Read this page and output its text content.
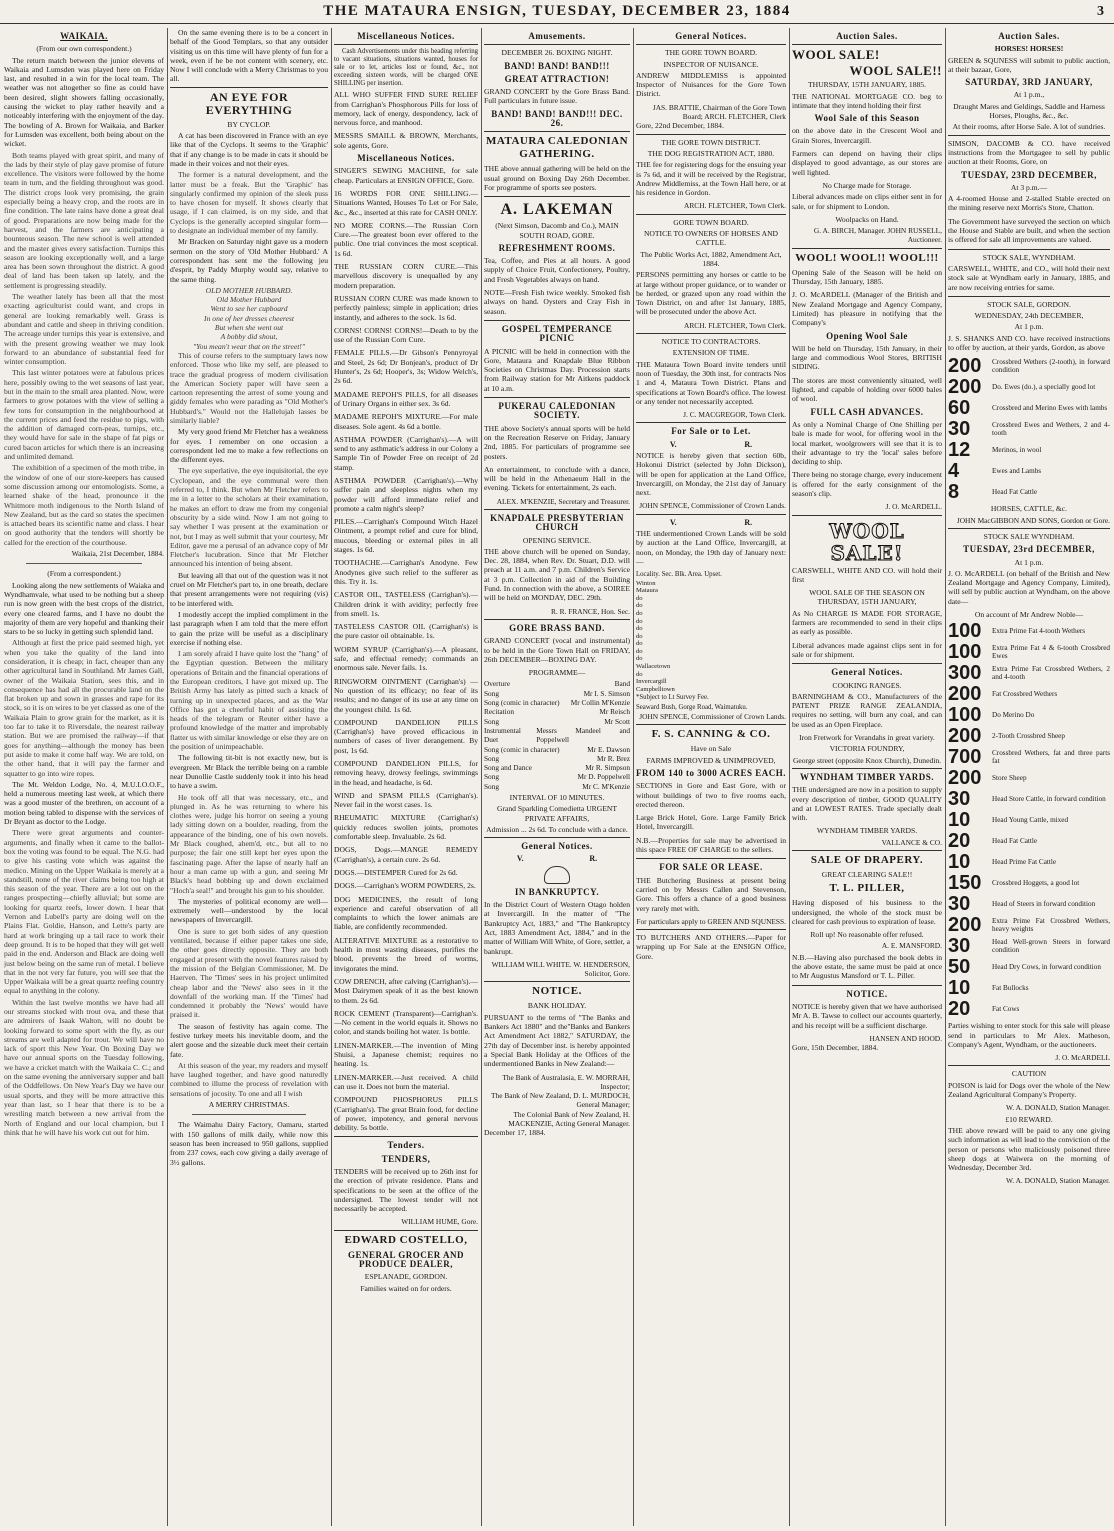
THE MATAURA ENSIGN, TUESDAY, DECEMBER 23, 1884	3
WAIKAIA.
(From our own correspondent.)

The return match between the junior elevens of Waikaia and Lumsden was played here on Friday last, and resulted in a win for the local team. The weather was not altogether so fine as could have been desired, slight showers falling occasionally, causing the wicket to play rather heavily and a noticeably interfering with the enjoyment of the day. The bowling of A. Brown for Waikaia, and Barker for Lumsden was excellent, both being about on the wicket.

Both teams played with great spirit, and many of the lads by their style of play gave promise of future excellence. The visitors were followed by the home team in turn, and the fielding throughout was good. The district crops look very promising, the grain especially being a heavy crop, and the roots are in fine condition. The late rains have done a great deal of good. Preparations are now being made for the harvest, and the farmers are anticipating a bounteous season. The new school is well attended and the master gives every satisfaction. Turnips this season are looking exceptionally well, and a large area has been sown throughout the district. A good deal of land has been taken up lately, and the settlement is progressing steadily.

The weather lately has been all that the most exacting agriculturist could want, and crops in general are looking remarkably well. Grass is abundant and cattle and sheep in thriving condition. The acreage under turnips this year is extensive, and with the present growing weather we may look forward to an abundance of substantial feed for winter consumption.

This last winter potatoes were at fabulous prices here, possibly owing to the wet seasons of last year, but in the main to the small area planted. Now, were farmers to grow potatoes with the view of selling a few tons for consumption in the neighbourhood at the current prices and feed the residue to pigs, with the addition of damaged corn-peas, turnips, etc., they would have for sale in the shape of fat pigs or cured bacon articles for which there is an increasing and unlimited demand.

The exhibition of a specimen of the moth tribe, in the window of one of our store-keepers has caused some discussion among our entomologists. Some, a learned shake of the head, pronounce it the Whitmore moth indigenous to the North Island of New Zealand, but as the card so states the specimen is attached bears its scientific name and class. I hear on good authority that the tenders will shortly be called for the erection of the courthouse.

Waikaia, 21st December, 1884.
(From a correspondent.)

Looking along the new settlements of Waiaka and Wyndhamvale, what used to be nothing but a sheep run is now green with the best crops of the district, every one cleared farms, and I have no doubt the majority of them are very hopeful and thanking their stars to be so lucky in getting such splendid land.

Although at first the price paid seemed high, yet when you take the quality of the land into consideration, it is cheap; in fact, cheaper than any other agricultural land in Southland. Mr James Gall, owner of the Waikaia Station, sees this, and in consequence has had all the procurable land on the flat broken up and sown in grasses and rape for its stock, so it is on wires to be yet classed as one of the Waikaia Plain to grow grain for the market, as it is too far to take it to Riversdale, the nearest railway station. But we are promised the railway—if that goes for anything—although the money has been put aside to make it come half way. We are told, on the other hand, that it will pay the farmer and squatter to go into wire ropes.

The Mt. Weldon Lodge, No. 4, M.U.I.O.O.F., held a numerous meeting last week, at which there was a good muster of the brethren, on account of a motion being tabled to dispense with the services of Dr Bryant as doctor to the Lodge.

There were great arguments and counter-arguments, and finally when it came to the ballot-box the voting was found to be equal. The N.G. had to give his casting vote which was against the medico. Mining on the Upper Waikaia is merely at a standstill, none of the river claims being too high at this season of the year. There are a lot out on the ranges prospecting—chiefly alluvial; but some are looking for quartz reefs, lower down. I hear that Vernon and Lubell's party are doing well on the Plains Flat. Goldie, Hanson, and Lette's party are hard at work bringing up a tail race to work their deep ground. It is to be hoped that they will get well paid in the end. Anderson and Black are doing well just below being on the same run of metal. I believe that in the not very far future, you will see that the Upper Waikaia will be a great quartz reefing country equal to anything in the colony.

Within the last twelve months we have had all our streams stocked with trout ova, and these that are admirers of Isaak Walton, will no doubt be looking forward to some sport with the fly, as our streams are well adapted for trout. We will have no lack of sport this New Year. On Boxing Day we have our annual sports on the Tuesday following, we have a cricket match with the Waikaia C. C.; and on the same evening the anniversary supper and ball of the Oddfellows. On New Year's Day we have our usual sports, and they will be more attractive this year than last, so I hear that there is to be a wrestling match between a new arrival from the North of England and our local champion, but I think that he will have his work cut out for him.

On the same evening there is to be a concert in behalf of the Good Templars, so that any outsider visiting us on this time will have plenty of fun for a week, even if he be not content with scenery, etc. Now I will conclude with a Merry Christmas to you all.

AN EYE FOR EVERYTHING
BY CYCLOP.

A cat has been discovered in France with an eye like that of the Cyclops. It seems to the 'Graphic' that if any change is to be made in cats it should be made in their voices and not their eyes.

The former is a natural development, and the latter must be a freak. But the 'Graphic' has singularly confirmed my opinion of the sleek puss to have chosen for myself. It shows clearly that usage, if I can claimed, is on my side, and that Cyclops is the generally accepted singular form—to designate an individual member of my family.

Mr Bracken on Saturday night gave us a modern sermon on the story of 'Old Mother Hubbard.' A correspondent has sent me the following jeu d'esprit, by Paddy Murphy would say, relative to the same thing.

OLD MOTHER HUBBARD.
Old Mother Hubbard
Went to see her cupboard
In one of her dresses cheerest
But when she went out
A bobby did shout,
"You mean't wear that on the street!"

This of course refers to the sumptuary laws now enforced. Those who like my self, are pleased to trace the gradual progress of modern civilisation the American Society paper will have seen a cartoon representing the arrest of some young and giddy females who were parading as "Old Mother's Hubbard's." Would not the Hallelujah lasses be similarly liable?

My very good friend Mr Fletcher has a weakness for eyes. I remember on one occasion a correspondent led me to make a few reflections on the different eyes.

The eye superlative, the eye inquisitorial, the eye Cyclopean, and the eye communal were then referred to, I think. But when Mr Fletcher refers to me in a letter to the scholars at their examination, he makes an effort to draw me from my congenial obscurity by a side wind. Now I am not going to say whether I was present at the examination or not, but I may as well submit that your courtesy, Mr Editor, gave me a perusal of an advance copy of Mr Fletcher's lucubration. Since that Mr Fletcher announced his intention of being absent.

But leaving all that out of the question was it not cruel on Mr Fletcher's part to, in one breath, declare that present arrangements were not requiring (vis) to be interfered with.

I modestly accept the implied compliment in the last paragraph when I am told that the mere effort to gain the prize will be useful as a disciplinary exercise if nothing else.

I am sorely afraid I have quite lost the "hang" of the Egyptian question. Between the military operations of Britain and the financial operations of the European creditors, I have got mixed up. The British Army has lately as pitted such a knack of turning up in unexpected places, and as the War Office has got a cheerful habit of assisting the heads of the telegram or Reuter either have a profound knowledge of the matter and improbably flatter us with similar knowledge or else they are on the position of unimpeachable.

The following tit-bit is not exactly new, but is evergreen. Mr Black the terrible being on a ramble near Dunollie Castle suddenly took it into his head to have a swim.

He took off all that was necessary, etc., and plunged in. As he was returning to where his clothes were, judge his horror on seeing a young lady sitting down on a boulder, reading, from the appearance of the binding, one of his own novels. Mr Black coughed, ahem'd, etc., but all to no purpose; the fair one still kept her eyes upon the fascinating page. After the lapse of nearly half an hour a man came up with a gun, and seeing Mr Black's head bobbing up and down exclaimed "Hoch'a seal!" and brought his gun to his shoulder.

The mysteries of political economy are well—extremely well—understood by the local newspapers of Invercargill.

One is sure to get both sides of any question ventilated, because if either paper takes one side, the other goes directly opposite. They are both engaged at present with the novel features raised by the mission of the Belgian Commissioner, M. De Haerven. The 'Times' sees in his project unlimited cheap labor and the 'News' also sees in it the downfall of the working man. If the 'Times' had condemned it probably the 'News' would have praised it.

The season of festivity has again come. The festive turkey meets his inevitable doom, and the alert goose and the sizeable duck meet their certain fate.

At this season of the year, my readers and myself have laughed together, and have good naturedly combined to illume the process of revelation with sensations of jocosity. To one and all I wish

A MERRY CHRISTMAS.

The Waimahu Dairy Factory, Oamaru, started with 150 gallons of milk daily, while now this season has been increased to 950 gallons, supplied from 237 cows, each cow giving a daily average of 3½ gallons.

Miscellaneous Notices.

Cash Advertisements under this heading referring to vacant situations, situations wanted, houses for sale or to let, articles lost or found, &c., not exceeding sixteen words, will be charged ONE SHILLING per insertion.

ALL WHO SUFFER FIND SURE RELIEF from Carrighan's Phosphorous Pills for loss of memory, lack of energy, despondency, lack of nervous force, and manhood.
MESSRS SMAILL & BROWN, Merchants, sole agents, Gore.
Miscellaneous Notices.
SINGER'S SEWING MACHINE, for sale cheap. Particulars at ENSIGN OFFICE, Gore.
16 WORDS FOR ONE SHILLING.—Situations Wanted, Houses To Let or For Sale, &c., &c., inserted at this rate for CASH ONLY.
NO MORE CORNS.—The Russian Corn Cure.—The greatest boon ever offered to the public. One trial convinces the most sceptical. 1s 6d.
THE RUSSIAN CORN CURE.—This marvellous discovery is unequalled by any modern preparation.
RUSSIAN CORN CURE was made known to perfectly painless; simple in application; dries instantly, and adheres to the sock. 1s 6d.
CORNS! CORNS! CORNS!—Death to by the use of the Russian Corn Cure.
FEMALE PILLS.—Dr Gibson's Pennyroyal and Steel, 2s 6d; Dr Bonjean's, product of Dr Hunter's, 2s 6d; Hooper's, 3s; Widow Welch's, 2s 6d.
MADAME REPOH'S PILLS, for all diseases of Urinary Organs in either sex. 3s 6d.
MADAME REPOH'S MIXTURE.—For male diseases. Sole agent. 4s 6d a bottle.
ASTHMA POWDER (Carrighan's).—A will send to any asthmatic's address in our Colony a Sample Tin of Powder Free on receipt of 2d stamp.
ASTHMA POWDER (Carrighan's).—Why suffer pain and sleepless nights when my powder will afford immediate relief and promote a calm night's sleep?
PILES.—Carrighan's Compound Witch Hazel Ointment, a prompt relief and cure for blind, mucous, bleeding or external piles in all stages. 1s 6d.
TOOTHACHE.—Carrighan's Anodyne. Few Anodynes give such relief to the sufferer as this. Try it. 1s.
CASTOR OIL, TASTELESS (Carrighan's).—Children drink it with avidity; perfectly free from smell. 1s.
TASTELESS CASTOR OIL (Carrighan's) is the pure castor oil obtainable. 1s.
WORM SYRUP (Carrighan's).—A pleasant, safe, and effectual remedy; commands an enormous sale. Never fails. 1s.
RINGWORM OINTMENT (Carrighan's) —No question of its efficacy; no fear of its results; and no danger of its use at any time on the youngest child. 1s 6d.
COMPOUND DANDELION PILLS (Carrighan's) have proved efficacious in numbers of cases of liver derangement. By post, 1s 6d.
COMPOUND DANDELION PILLS, for removing heavy, drowsy feelings, swimmings in the head, and headache, is 6d.
WIND and SPASM PILLS (Carrighan's). Never fail in the worst cases. 1s.
RHEUMATIC MIXTURE (Carrighan's) quickly reduces swollen joints, promotes comfortable sleep. Invaluable. 2s 6d.
DOGS, Dogs.—MANGE REMEDY (Carrighan's), a certain cure. 2s 6d.
DOGS.—DISTEMPER Cured for 2s 6d.
DOGS.—Carrighan's WORM POWDERS, 2s.
DOG MEDICINES, the result of long experience and careful observation of all complaints to which the lower animals are liable, are confidently recommended.
ALTERATIVE MIXTURE as a restorative to health in most wasting diseases, purifies the blood, prevents the breed of worms, invigorates the mind.
COW DRENCH, after calving (Carrighan's).—Most Dairymen speak of it as the best known to them. 2s 6d.
ROCK CEMENT (Transparent)—Carrighan's.—No cement in the world equals it. Shows no color, and stands boiling hot water. 1s bottle.
LINEN-MARKER.—The invention of Ming Shuisi, a Japanese chemist; requires no heating. 1s.
LINEN-MARKER.—Just received. A child can use it. Does not burn the material.
COMPOUND PHOSPHORUS PILLS (Carrighan's). The great Brain food, for decline of power, impotency, and general nervous debility. 5s bottle.
Tenders.
TENDERS,
TENDERS will be received up to 26th inst for the erection of private residence. Plans and specifications to be seen at the office of the undersigned. The lowest tender will not necessarily be accepted.
WILLIAM HUME, Gore.
EDWARD COSTELLO,
GENERAL GROCER AND PRODUCE DEALER,
ESPLANADE, GORDON.
Families waited on for orders.
Amusements.
DECEMBER 26. BOXING NIGHT.
BAND! BAND! BAND!!!
GREAT ATTRACTION!
GRAND CONCERT by the Gore Brass Band. Full particulars in future issue.
BAND! BAND! BAND!!! DEC. 26.
MATAURA CALEDONIAN GATHERING.
THE above annual gathering will be held on the usual ground on Boxing Day 26th December. For programme of sports see posters.
A. LAKEMAN
(Next Simson, Dacomb and Co.), MAIN SOUTH ROAD, GORE.
REFRESHMENT ROOMS.
Tea, Coffee, and Pies at all hours. A good supply of Choice Fruit, Confectionery, Poultry, and Fresh Vegetables always on hand.
NOTE—Fresh Fish twice weekly. Smoked fish always on hand. Oysters and Cray Fish in season.
GOSPEL TEMPERANCE PICNIC
A PICNIC will be held in connection with the Gore, Mataura and Knapdale Blue Ribbon Societies on Christmas Day. Procession starts from Railway station for Mr Aitkens paddock at 10 a.m.
PUKERAU CALEDONIAN SOCIETY.
THE above Society's annual sports will be held on the Recreation Reserve on Friday, January 2nd, 1885. For particulars of programme see posters.
An entertainment, to conclude with a dance, will be held in the Athenaeum Hall in the evening. Tickets for entertainment, 2s each.
ALEX. M'KENZIE, Secretary and Treasurer.
KNAPDALE PRESBYTERIAN CHURCH
OPENING SERVICE.
THE above church will be opened on Sunday, Dec. 28, 1884, when Rev. Dr. Stuart, D.D. will preach at 11 a.m. and 7 p.m. Children's Service at 3 p.m. Collection in aid of the Building Fund. In connection with the above, a SOIREE will be held on MONDAY, DEC. 29th.
R. R. FRANCE, Hon. Sec.
GORE BRASS BAND.
GRAND CONCERT (vocal and instrumental) to be held in the Gore Town Hall on FRIDAY, 26th DECEMBER—BOXING DAY.
PROGRAMME—
Overture	Band
Song	Mr I. S. Simson
Song (comic in character) Mr Collin M'Kenzie
Recitation	Mr Reisch
Song	Mr Scott
Instrumental Duet
Messrs Mandeel and Poppelwell
Song (comic in character)	Mr E. Dawson
Song	Mr R. Brez
Song and Dance	Mr R. Simpson
Song	Mr D. Poppelwell
Song	Mr C. M'Kenzie
INTERVAL OF 10 MINUTES.
Grand Sparkling Comedietta URGENT PRIVATE AFFAIRS,
Admission ... 2s 6d. To conclude with a dance.
General Notices.
V.	R.
IN BANKRUPTCY.
In the District Court of Western Otago holden at Invercargill. In the matter of "The Bankruptcy Act, 1883," and "The Bankruptcy Act, 1883 Amendment Act, 1884," and in the matter of William Will White, of Gore, settler, a bankrupt.
WILLIAM WILL WHITE. W. HENDERSON, Solicitor, Gore.
NOTICE.
BANK HOLIDAY.
PURSUANT to the terms of "The Banks and Bankers Act 1880" and the"Banks and Bankers Act Amendment Act 1882," SATURDAY, the 27th day of December inst. is hereby appointed a Special Bank Holiday at the Offices of the undermentioned Banks in New Zealand:—
The Bank of Australasia, E. W. MORRAH, Inspector;
The Bank of New Zealand, D. L. MURDOCH, General Manager;
The Colonial Bank of New Zealand, H. MACKENZIE, Acting General Manager.
December 17, 1884.
General Notices.
THE GORE TOWN BOARD.
INSPECTOR OF NUISANCE.
ANDREW MIDDLEMISS is appointed Inspector of Nuisances for the Gore Town District.
JAS. BRATTIE, Chairman of the Gore Town Board; ARCH. FLETCHER, Clerk
Gore, 22nd December, 1884.
THE GORE TOWN DISTRICT.
THE DOG REGISTRATION ACT, 1880.
THE fee for registering dogs for the ensuing year is 7s 6d, and it will be received by the Registrar, Andrew Middlemiss, at the Town Hall here, or at his residence in Gordon.
ARCH. FLETCHER, Town Clerk.
GORE TOWN BOARD.
NOTICE TO OWNERS OF HORSES AND CATTLE.
The Public Works Act, 1882, Amendment Act, 1884.
PERSONS permitting any horses or cattle to be at large without proper guidance, or to wander or be herded, or grazed upon any road within the Town District, on and after 1st January, 1885, will be prosecuted under the above Act.
ARCH. FLETCHER, Town Clerk.
NOTICE TO CONTRACTORS.
EXTENSION OF TIME.
THE Mataura Town Board invite tenders until noon of Tuesday, the 30th inst, for contracts Nos 1 and 4, Mataura Town District. Plans and specifications at Town Board's office. The lowest or any tender not necessarily accepted.
J. C. MACGREGOR, Town Clerk.
For Sale or to Let.
V.	R.
NOTICE is hereby given that section 60b, Hokonui District (selected by John Dickson), will be open for application at the Land Office, Invercargill, on Monday, the 21st day of January next.
JOHN SPENCE, Commissioner of Crown Lands.
V.	R.
THE undermentioned Crown Lands will be sold by auction at the Land Office, Invercargill, at noon, on Monday, the 19th day of January next:—
Locality. Sec. Blk. Area. Upset.
Winton
Mataura
do
do
do
do
do
do
do
do
do
Wallacetown
do
Invercargill
Campbelltown
*Subject to Lt Survey Fee.
Seaward Bush, Gorge Road, Waimatuku.
JOHN SPENCE, Commissioner of Crown Lands.
F. S. CANNING & CO.
Have on Sale
FARMS IMPROVED & UNIMPROVED,
FROM 140 to 3000 ACRES EACH.
SECTIONS in Gore and East Gore, with or without buildings of two to five rooms each, erected thereon.
Large Brick Hotel, Gore. Large Family Brick Hotel, Invercargill.
N.B.—Properties for sale may be advertised in this space FREE OF CHARGE to the sellers.
FOR SALE OR LEASE.
THE Butchering Business at present being carried on by Messrs Callen and Stevenson, Gore. This offers a chance of a good business very rarely met with.
For particulars apply to GREEN AND SQUNESS.
TO BUTCHERS AND OTHERS.—Paper for wrapping up For Sale at the ENSIGN Office, Gore.
Auction Sales.
WOOL SALE!
WOOL SALE!!
THURSDAY, 15TH JANUARY, 1885.
THE NATIONAL MORTGAGE CO. beg to intimate that they intend holding their first
Wool Sale of this Season
on the above date in the Crescent Wool and Grain Stores, Invercargill.
Farmers can depend on having their clips displayed to good advantage, as our stores are well lighted.
No Charge made for Storage.
Liberal advances made on clips either sent in for sale, or for shipment to London.
Woolpacks on Hand.
G. A. BIRCH, Manager. JOHN RUSSELL, Auctioneer.
WOOL! WOOL!! WOOL!!!
Opening Sale of the Season will be held on Thursday, 15th January, 1885.
J. O. McARDELL (Manager of the British and New Zealand Mortgage and Agency Company, Limited) has pleasure in notifying that the Company's
Opening Wool Sale
Will be held on Thursday, 15th January, in their large and commodious Wool Stores, BRITISH SIDING.
The stores are most conveniently situated, well lighted, and capable of holding over 6000 bales of wool.
FULL CASH ADVANCES.
As only a Nominal Charge of One Shilling per bale is made for wool, for offering wool in the local market, woolgrowers will see that it is to their advantage to try the 'local' sales before deciding to ship.
There being no storage charge, every inducement is offered for the early consignment of the season's clip.
J. O. McARDELL.
WOOL SALE!
CARSWELL, WHITE AND CO. will hold their first
WOOL SALE OF THE SEASON ON THURSDAY, 15TH JANUARY,
As No CHARGE IS MADE FOR STORAGE, farmers are recommended to send in their clips as early as possible.
Liberal advances made against clips sent in for sale or for shipment.
General Notices.
COOKING RANGES.
BARNINGHAM & CO., Manufacturers of the PATENT PRIZE RANGE ZEALANDIA, requires no setting, will burn any coal, and can be used as an Open Fireplace.
Iron Fretwork for Verandahs in great variety.
VICTORIA FOUNDRY,
George street (opposite Knox Church), Dunedin.
WYNDHAM TIMBER YARDS.
THE undersigned are now in a position to supply every description of timber, GOOD QUALITY and at LOWEST RATES. Trade specially dealt with.
WYNDHAM TIMBER YARDS.
VALLANCE & CO.
SALE OF DRAPERY.
GREAT CLEARING SALE!!
T. L. PILLER,
Having disposed of his business to the undersigned, the whole of the stock must be cleared for cash previous to expiration of lease.
Roll up! No reasonable offer refused.
A. E. MANSFORD.
N.B.—Having also purchased the book debts in the above estate, the same must be paid at once to Mr Augustus Mansford or T. L. Piller.
NOTICE.
NOTICE is hereby given that we have authorised Mr A. B. Tawse to collect our accounts quarterly, and his receipt will be a sufficient discharge.
HANSEN AND HOOD.
Gore, 15th December, 1884.
Auction Sales.
HORSES! HORSES!
GREEN & SQUNESS will submit to public auction, at their bazaar, Gore,
SATURDAY, 3RD JANUARY,
At 1 p.m.,
Draught Mares and Geldings, Saddle and Harness Horses, Ploughs, &c., &c.
At their rooms, after Horse Sale. A lot of sundries.
SIMSON, DACOMB & CO. have received instructions from the Mortgagee to sell by public auction at their Rooms, Gore, on
TUESDAY, 23RD DECEMBER,
At 3 p.m.—
A 4-roomed House and 2-stalled Stable erected on the mining reserve next Morris's Store, Chatton.
The Government have surveyed the section on which the House and Stable are built, and when the section is offered for sale all improvements are valued.
STOCK SALE, WYNDHAM.
CARSWELL, WHITE, and CO., will hold their next stock sale at Wyndham early in January, 1885, and are now receiving entries for same.
STOCK SALE, GORDON.
WEDNESDAY, 24th DECEMBER,
At 1 p.m.
J. S. SHANKS AND CO. have received instructions to offer by auction, at their yards, Gordon, as above
200	Crossbred Wethers (2-tooth), in forward condition
200	Do. Ewes (do.), a specially good lot
60	Crossbred and Merino Ewes with lambs
30	Crossbred Ewes and Wethers, 2 and 4-tooth
12	Merinos, in wool
4	Ewes and Lambs
8	Head Fat Cattle
HORSES, CATTLE, &c.
JOHN MacGIBBON AND SONS, Gordon or Gore.
STOCK SALE WYNDHAM.
TUESDAY, 23rd DECEMBER,
At 1 p.m.
J. O. McARDELL (on behalf of the British and New Zealand Mortgage and Agency Company, Limited), will sell by public auction at Wyndham, on the above date—
On account of Mr Andrew Noble—
100	Extra Prime Fat 4-tooth Wethers
100	Extra Prime Fat 4 & 6-tooth Crossbred Ewes
300	Extra Prime Fat Crossbred Wethers, 2 and 4-tooth
200	Fat Crossbred Wethers
100	Do Merino Do
200	2-Tooth Crossbred Sheep
700	Crossbred Wethers, fat and three parts fat
200	Store Sheep
30	Head Store Cattle, in forward condition
10	Head Young Cattle, mixed
20	Head Fat Cattle
10	Head Prime Fat Cattle
150	Crossbred Hoggets, a good lot
30	Head of Steers in forward condition
200	Extra Prime Fat Crossbred Wethers, heavy weights
30	Head Well-grown Steers in forward condition
50	Head Dry Cows, in forward condition
10	Fat Bullocks
20	Fat Cows
Parties wishing to enter stock for this sale will please send in particulars to Mr Alex. Matheson, Company's Agent, Wyndham, or the auctioneers.
J. O. McARDELL
CAUTION
POISON is laid for Dogs over the whole of the New Zealand Agricultural Company's Property.
W. A. DONALD, Station Manager.
£10 REWARD.
THE above reward will be paid to any one giving such information as will lead to the conviction of the person or persons who maliciously poisoned three sheep dogs at Waiwera on the morning of Wednesday, December 3rd.
W. A. DONALD, Station Manager.
